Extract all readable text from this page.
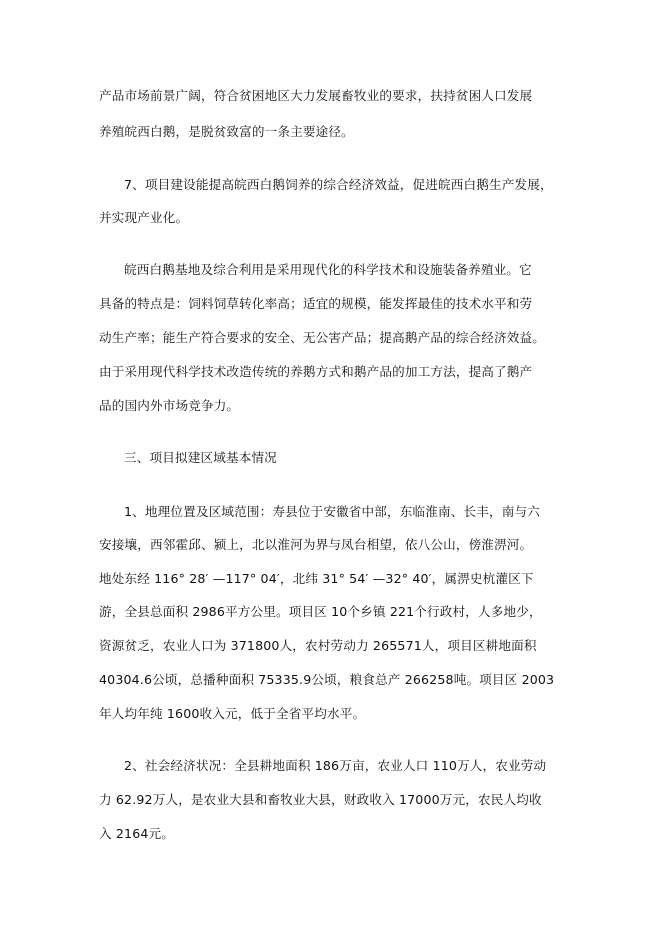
产品市场前景广阔，符合贫困地区大力发展畜牧业的要求，扶持贫困人口发展
养殖皖西白鹅，是脱贫致富的一条主要途径。
7、项目建设能提高皖西白鹅饲养的综合经济效益，促进皖西白鹅生产发展，
并实现产业化。
皖西白鹅基地及综合利用是采用现代化的科学技术和设施装备养殖业。它
具备的特点是：饲料饲草转化率高；适宜的规模，能发挥最佳的技术水平和劳
动生产率；能生产符合要求的安全、无公害产品；提高鹅产品的综合经济效益。
由于采用现代科学技术改造传统的养鹅方式和鹅产品的加工方法，提高了鹅产
品的国内外市场竞争力。
三、项目拟建区域基本情况
1、地理位置及区域范围：寿县位于安徽省中部，东临淮南、长丰，南与六
安接壤，西邻霍邱、颍上，北以淮河为界与凤台相望，依八公山，傍淮淠河。
地处东经 116° 28′ —117° 04′，北纬 31° 54′ —32° 40′，属淠史杭灌区下
游，全县总面积 2986平方公里。项目区 10个乡镇 221个行政村，人多地少，
资源贫乏，农业人口为 371800人，农村劳动力 265571人，项目区耕地面积
40304.6公顷，总播种面积 75335.9公顷，粮食总产 266258吨。项目区 2003
年人均年纯 1600收入元，低于全省平均水平。
2、社会经济状况：全县耕地面积 186万亩，农业人口 110万人，农业劳动
力 62.92万人，是农业大县和畜牧业大县，财政收入 17000万元，农民人均收
入 2164元。
